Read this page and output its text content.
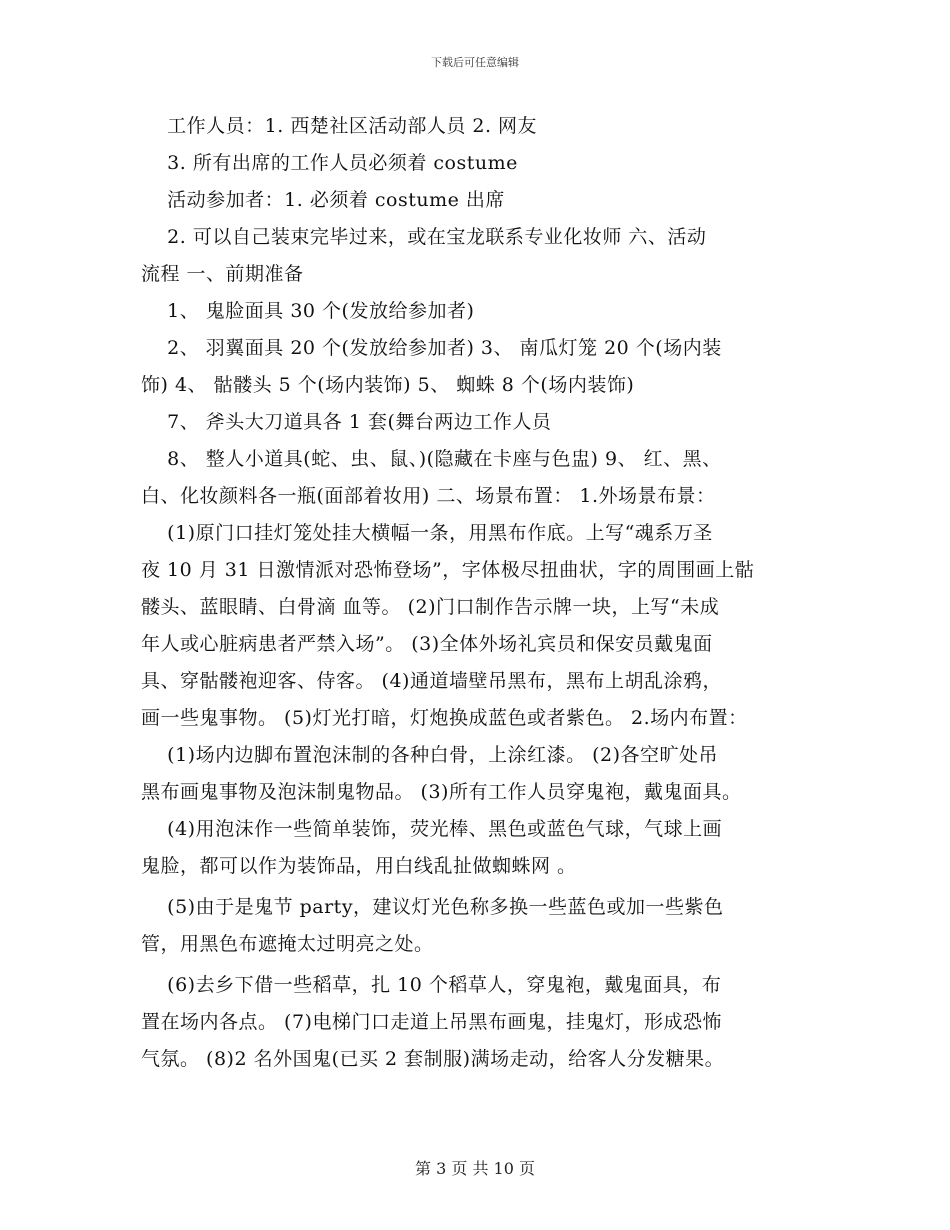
下载后可任意编辑
工作人员：1. 西楚社区活动部人员 2. 网友
3. 所有出席的工作人员必须着 costume
活动参加者：1. 必须着 costume 出席
2. 可以自己装束完毕过来，或在宝龙联系专业化妆师 六、活动
流程 一、前期准备
1、 鬼脸面具 30 个(发放给参加者)
2、 羽翼面具 20 个(发放给参加者) 3、 南瓜灯笼 20 个(场内装
饰) 4、 骷髅头 5 个(场内装饰) 5、 蜘蛛 8 个(场内装饰)
7、 斧头大刀道具各 1 套(舞台两边工作人员
8、 整人小道具(蛇、虫、鼠、)(隐藏在卡座与色盅) 9、 红、黑、
白、化妆颜料各一瓶(面部着妆用) 二、场景布置： 1.外场景布景：
(1)原门口挂灯笼处挂大横幅一条，用黑布作底。上写“魂系万圣
夜 10 月 31 日激情派对恐怖登场”，字体极尽扭曲状，字的周围画上骷
髅头、蓝眼睛、白骨滴 血等。 (2)门口制作告示牌一块，上写“未成
年人或心脏病患者严禁入场”。 (3)全体外场礼宾员和保安员戴鬼面
具、穿骷髅袍迎客、侍客。 (4)通道墙壁吊黑布，黑布上胡乱涂鸦，
画一些鬼事物。 (5)灯光打暗，灯炮换成蓝色或者紫色。 2.场内布置：
(1)场内边脚布置泡沫制的各种白骨，上涂红漆。 (2)各空旷处吊
黑布画鬼事物及泡沫制鬼物品。 (3)所有工作人员穿鬼袍，戴鬼面具。
(4)用泡沫作一些简单装饰，荧光棒、黑色或蓝色气球，气球上画
鬼脸，都可以作为装饰品，用白线乱扯做蜘蛛网 。
(5)由于是鬼节 party，建议灯光色称多换一些蓝色或加一些紫色
管，用黑色布遮掩太过明亮之处。
(6)去乡下借一些稻草，扎 10 个稻草人，穿鬼袍，戴鬼面具，布
置在场内各点。 (7)电梯门口走道上吊黑布画鬼，挂鬼灯，形成恐怖
气氛。 (8)2 名外国鬼(已买 2 套制服)满场走动，给客人分发糖果。
第 3 页 共 10 页
